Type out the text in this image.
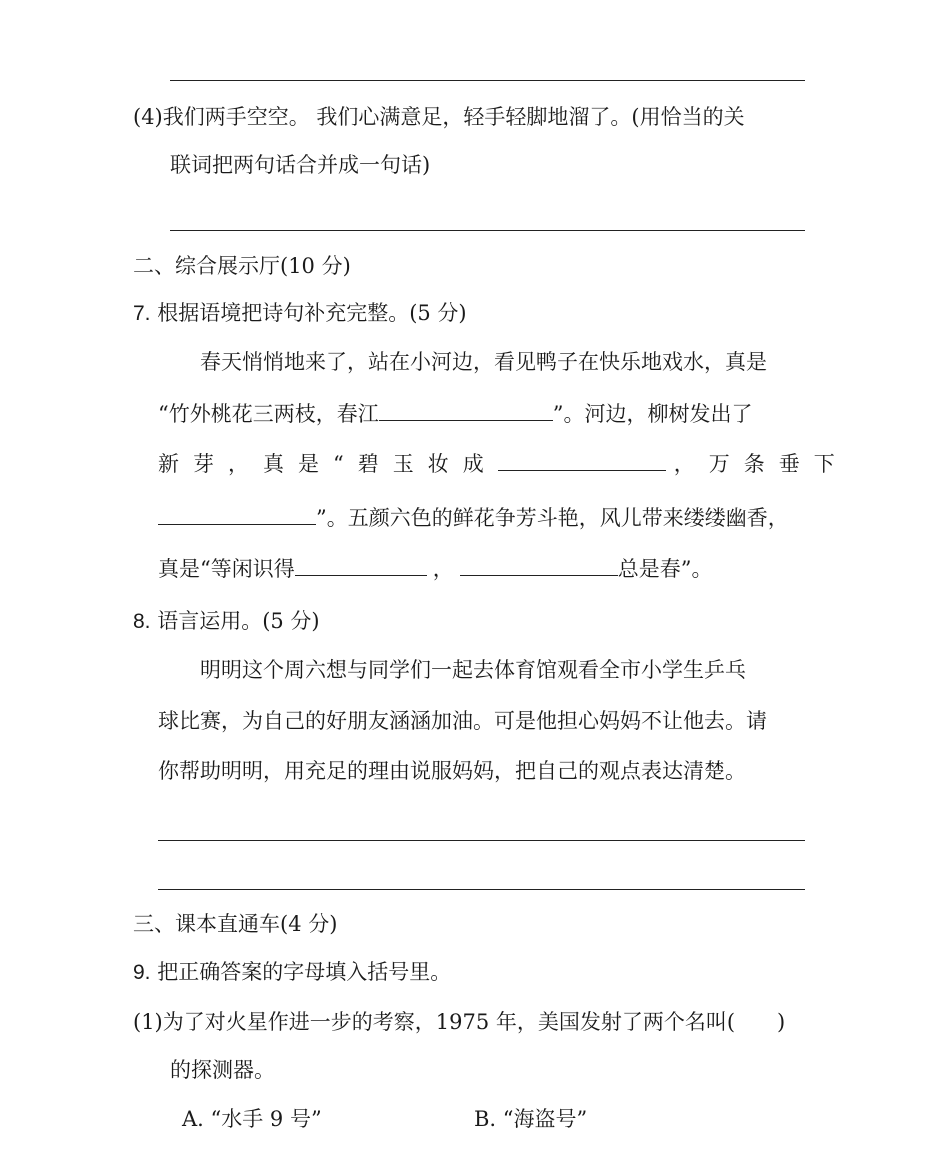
(4)我们两手空空。 我们心满意足，轻手轻脚地溜了。(用恰当的关
联词把两句话合并成一句话)
二、综合展示厅(10 分)
7. 根据语境把诗句补充完整。(5 分)
春天悄悄地来了，站在小河边，看见鸭子在快乐地戏水，真是
“竹外桃花三两枝，春江	”。河边，柳树发出了
新芽，真是“碧玉妆成	，万条垂下
”。五颜六色的鲜花争芳斗艳，风儿带来缕缕幽香，
真是“等闲识得	，	总是春”。
8. 语言运用。(5 分)
明明这个周六想与同学们一起去体育馆观看全市小学生乒乓
球比赛，为自己的好朋友涵涵加油。可是他担心妈妈不让他去。请
你帮助明明，用充足的理由说服妈妈，把自己的观点表达清楚。
三、课本直通车(4 分)
9. 把正确答案的字母填入括号里。
(1)为了对火星作进一步的考察，1975 年，美国发射了两个名叫(　　)
的探测器。
A. “水手 9 号”	B. “海盗号”
